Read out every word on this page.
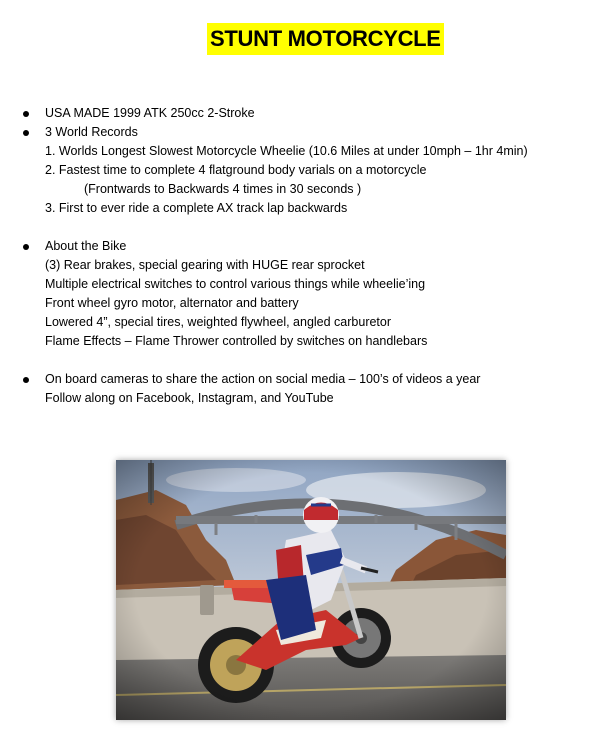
STUNT MOTORCYCLE
USA MADE 1999 ATK 250cc 2-Stroke
3 World Records
1. Worlds Longest Slowest Motorcycle Wheelie (10.6 Miles at under 10mph – 1hr 4min)
2. Fastest time to complete 4 flatground body varials on a motorcycle
(Frontwards to Backwards 4 times in 30 seconds )
3. First to ever ride a complete AX track lap backwards
About the Bike
(3) Rear brakes, special gearing with HUGE rear sprocket
Multiple electrical switches to control various things while wheelie’ing
Front wheel gyro motor, alternator and battery
Lowered 4”, special tires, weighted flywheel, angled carburetor
Flame Effects – Flame Thrower controlled by switches on handlebars
On board cameras to share the action on social media – 100’s of videos a year
Follow along on Facebook, Instagram, and YouTube
